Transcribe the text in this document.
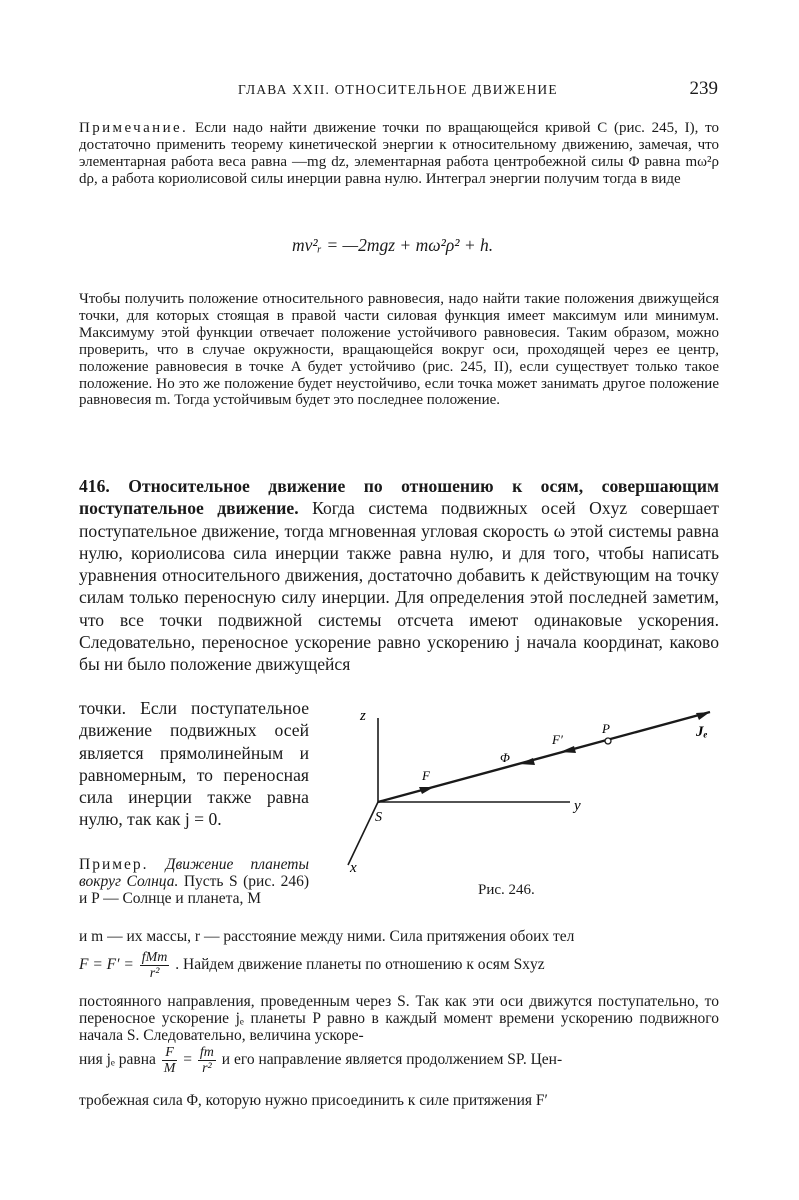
ГЛАВА XXII. ОТНОСИТЕЛЬНОЕ ДВИЖЕНИЕ	239
Примечание. Если надо найти движение точки по вращающейся кривой C (рис. 245, I), то достаточно применить теорему кинетической энергии к относительному движению, замечая, что элементарная работа веса равна —mg dz, элементарная работа центробежной силы Φ равна mω²ρ dρ, а работа кориолисовой силы инерции равна нулю. Интеграл энергии получим тогда в виде
mv²ᵣ = —2mgz + mω²ρ² + h.
Чтобы получить положение относительного равновесия, надо найти такие положения движущейся точки, для которых стоящая в правой части силовая функция имеет максимум или минимум. Максимуму этой функции отвечает положение устойчивого равновесия. Таким образом, можно проверить, что в случае окружности, вращающейся вокруг оси, проходящей через ее центр, положение равновесия в точке A будет устойчиво (рис. 245, II), если существует только такое положение. Но это же положение будет неустойчиво, если точка может занимать другое положение равновесия m. Тогда устойчивым будет это последнее положение.
416. Относительное движение по отношению к осям, совершающим поступательное движение. Когда система подвижных осей Oxyz совершает поступательное движение, тогда мгновенная угловая скорость ω этой системы равна нулю, кориолисова сила инерции также равна нулю, и для того, чтобы написать уравнения относительного движения, достаточно добавить к действующим на точку силам только переносную силу инерции. Для определения этой последней заметим, что все точки подвижной системы отсчета имеют одинаковые ускорения. Следовательно, переносное ускорение равно ускорению j начала координат, каково бы ни было положение движущейся
точки. Если поступательное движение подвижных осей является прямолинейным и равномерным, то переносная сила инерции также равна нулю, так как j = 0.
z
x
y
S
F
Φ
F′
P	Jₑ
Рис. 246.
Пример. Движение планеты вокруг Солнца. Пусть S (рис. 246) и P — Солнце и планета, M
и m — их массы, r — расстояние между ними. Сила притяжения обоих тел
$F = F' = \frac{\text{fMm}}{\text{r²}}$ . Найдем движение планеты по отношению к осям Sxyz
постоянного направления, проведенным через S. Так как эти оси движутся поступательно, то переносное ускорение jₑ планеты P равно в каждый момент времени ускорению подвижного начала S. Следовательно, величина ускоре-
ния jₑ равна $\frac{F}{M} = \frac{fm}{\text{r²}}$ и его направление является продолжением SP. Цен-
тробежная сила Φ, которую нужно присоединить к силе притяжения F′
